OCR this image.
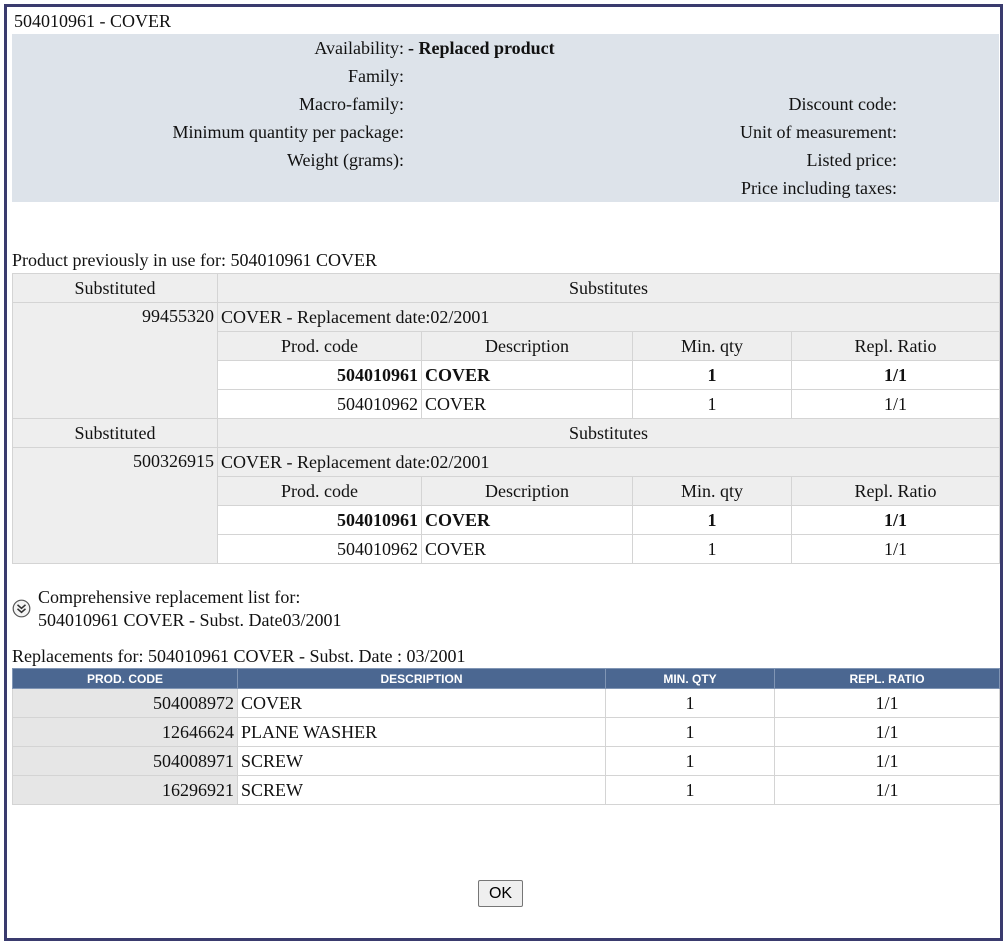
504010961 - COVER
Availability: - Replaced product
Family:
Macro-family:
Minimum quantity per package:
Weight (grams):
Discount code:
Unit of measurement:
Listed price:
Price including taxes:
Product previously in use for: 504010961 COVER
Substituted	Substitutes			
99455320	COVER - Replacement date:02/2001			
	Prod. code	Description	Min. qty	Repl. Ratio
	504010961	COVER	1	1/1
	504010962	COVER	1	1/1
Substituted	Substitutes			
500326915	COVER - Replacement date:02/2001			
	Prod. code	Description	Min. qty	Repl. Ratio
	504010961	COVER	1	1/1
	504010962	COVER	1	1/1
Comprehensive replacement list for:
504010961 COVER - Subst. Date03/2001
Replacements for: 504010961 COVER - Subst. Date : 03/2001
PROD. CODE	DESCRIPTION	MIN. QTY	REPL. RATIO
504008972	COVER	1	1/1
12646624	PLANE WASHER	1	1/1
504008971	SCREW	1	1/1
16296921	SCREW	1	1/1
OK
